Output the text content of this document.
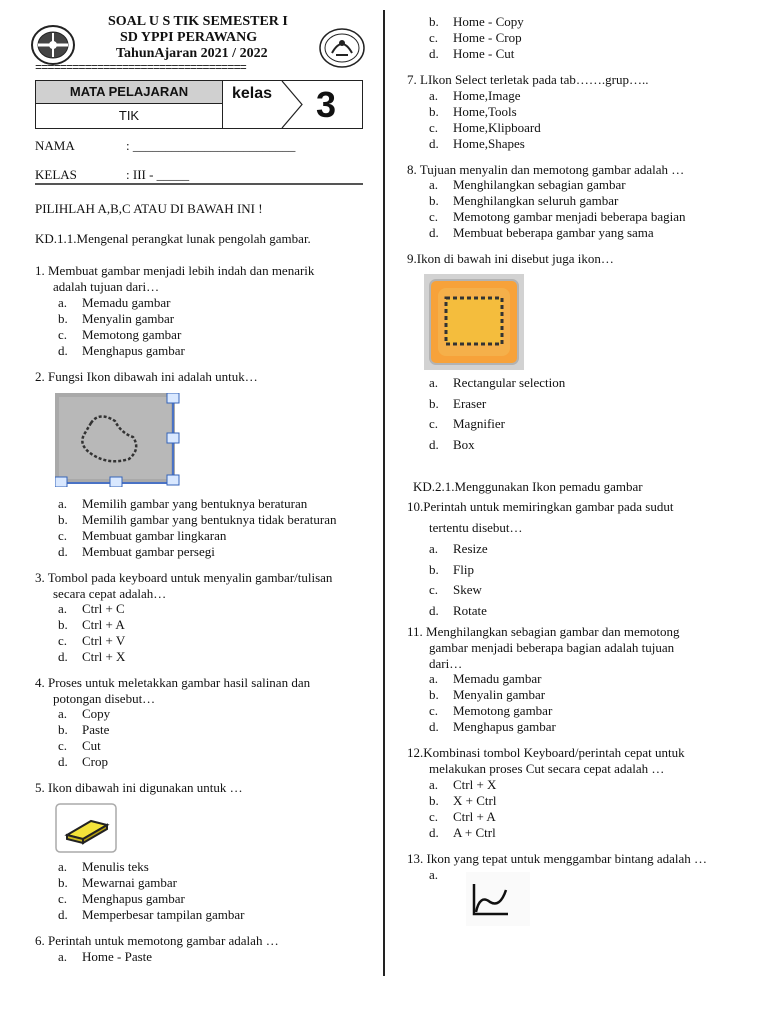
SOAL U S TIK SEMESTER I
SD YPPI PERAWANG
TahunAjaran 2021 / 2022
==================================
MATA PELAJARAN
TIK
kelas 3
NAMA	: _________________________
KELAS	: III - _____
PILIHLAH A,B,C ATAU DI BAWAH INI !
KD.1.1.Mengenal perangkat lunak pengolah gambar.
1. Membuat gambar menjadi lebih indah dan menarik
adalah tujuan dari…
a. Memadu gambar
b. Menyalin gambar
c. Memotong gambar
d. Menghapus gambar
2. Fungsi Ikon dibawah ini adalah untuk…
a. Memilih gambar yang bentuknya beraturan
b. Memilih gambar yang bentuknya tidak beraturan
c. Membuat gambar lingkaran
d. Membuat gambar persegi
3. Tombol pada keyboard untuk menyalin gambar/tulisan
secara cepat adalah…
a. Ctrl + C
b. Ctrl + A
c. Ctrl + V
d. Ctrl + X
4. Proses untuk meletakkan gambar hasil salinan dan
potongan disebut…
a. Copy
b. Paste
c. Cut
d. Crop
5. Ikon dibawah ini digunakan untuk …
a. Menulis teks
b. Mewarnai gambar
c. Menghapus gambar
d. Memperbesar tampilan gambar
6. Perintah untuk memotong gambar adalah …
a. Home - Paste
b. Home - Copy
c. Home - Crop
d. Home - Cut
7. LIkon Select terletak pada tab…….grup…..
a. Home,Image
b. Home,Tools
c. Home,Klipboard
d. Home,Shapes
8. Tujuan menyalin dan memotong gambar adalah …
a. Menghilangkan sebagian gambar
b. Menghilangkan seluruh gambar
c. Memotong gambar menjadi beberapa bagian
d. Membuat beberapa gambar yang sama
9.Ikon di bawah ini disebut juga ikon…
a. Rectangular selection
b. Eraser
c. Magnifier
d. Box
KD.2.1.Menggunakan Ikon pemadu gambar
10.Perintah untuk memiringkan gambar pada sudut
tertentu disebut…
a. Resize
b. Flip
c. Skew
d. Rotate
11. Menghilangkan sebagian gambar dan memotong
gambar menjadi beberapa bagian adalah tujuan
dari…
a. Memadu gambar
b. Menyalin gambar
c. Memotong gambar
d. Menghapus gambar
12.Kombinasi tombol Keyboard/perintah cepat untuk
melakukan proses Cut secara cepat adalah …
a. Ctrl + X
b. X + Ctrl
c. Ctrl + A
d. A + Ctrl
13. Ikon yang tepat untuk menggambar bintang adalah …
a.
